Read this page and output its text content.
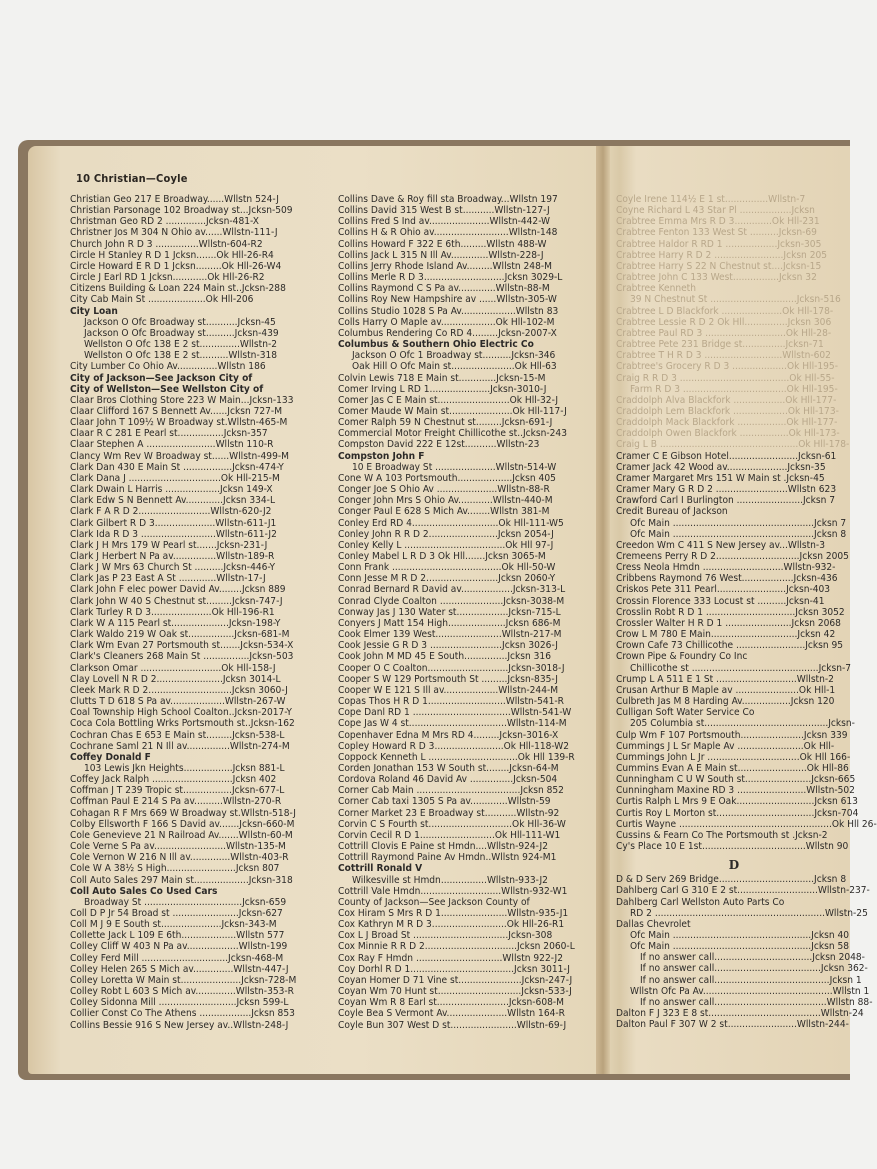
10 Christian—Coyle
Christian Geo 217 E Broadway......Wllstn 524-J
Christian Parsonage 102 Broadway st...Jcksn-509
Christman Geo RD 2 ..............Jcksn-481-X
Christner Jos M 304 N Ohio av......Wllstn-111-J
Church John R D 3 ...............Wllstn-604-R2
Circle H Stanley R D 1 Jcksn.......Ok Hll-26-R4
Circle Howard E R D 1 Jcksn.........Ok Hll-26-W4
Circle J Earl RD 1 Jcksn............Ok Hll-26-R2
Citizens Building & Loan 224 Main st..Jcksn-288
City Cab Main St ....................Ok Hll-206
City Loan
Jackson O Ofc Broadway st...........Jcksn-45
Jackson O Ofc Broadway st..........Jcksn-439
Wellston O Ofc 138 E 2 st..............Wllstn-2
Wellston O Ofc 138 E 2 st..........Wllstn-318
City Lumber Co Ohio Av..............Wllstn 186
City of Jackson—See Jackson City of
City of Wellston—See Wellston City of
Claar Bros Clothing Store 223 W Main...Jcksn-133
Claar Clifford 167 S Bennett Av......Jcksn 727-M
Claar John T 109½ W Broadway st.Wllstn-465-M
Claar R C 281 E Pearl st................Jcksn-357
Claar Stephen A ........................Wllstn 110-R
Clancy Wm Rev W Broadway st......Wllstn-499-M
Clark Dan 430 E Main St .................Jcksn-474-Y
Clark Dana J ................................Ok Hll-215-M
Clark Dwain L Harris ...................Jcksn 149-X
Clark Edw S N Bennett Av.............Jcksn 334-L
Clark F A R D 2.........................Wllstn-620-J2
Clark Gilbert R D 3.....................Wllstn-611-J1
Clark Ida R D 3 ..........................Wllstn-611-J2
Clark J H Mrs 179 W Pearl st.......Jcksn-231-J
Clark J Herbert N Pa av...............Wllstn-189-R
Clark J W Mrs 63 Church St ..........Jcksn-446-Y
Clark Jas P 23 East A St .............Wllstn-17-J
Clark John F elec power David Av........Jcksn 889
Clark John W 40 S Chestnut st.........Jcksn-747-J
Clark Turley R D 3.....................Ok Hll-196-R1
Clark W A 115 Pearl st....................Jcksn-198-Y
Clark Waldo 219 W Oak st................Jcksn-681-M
Clark Wm Evan 27 Portsmouth st.......Jcksn-534-X
Clark's Cleaners 268 Main St ................Jcksn-503
Clarkson Omar ............................Ok Hll-158-J
Clay Lovell N R D 2.......................Jcksn 3014-L
Cleek Mark R D 2.............................Jcksn 3060-J
Clutts T D 618 S Pa av...................Wllstn-267-W
Coal Township High School Coalton..Jcksn-2017-Y
Coca Cola Bottling Wrks Portsmouth st..Jcksn-162
Cochran Chas E 653 E Main st.........Jcksn-538-L
Cochrane Saml 21 N Ill av...............Wllstn-274-M
Coffey Donald F
103 Lewis Jkn Heights.................Jcksn 881-L
Coffey Jack Ralph ............................Jcksn 402
Coffman J T 239 Tropic st.................Jcksn-677-L
Coffman Paul E 214 S Pa av..........Wllstn-270-R
Cohagan R F Mrs 669 W Broadway st.Wllstn-518-J
Colby Ellsworth F 166 S David av.......Jcksn-660-M
Cole Genevieve 21 N Railroad Av.......Wllstn-60-M
Cole Verne S Pa av.........................Wllstn-135-M
Cole Vernon W 216 N Ill av..............Wllstn-403-R
Cole W A 38½ S High........................Jcksn 807
Coll Auto Sales 297 Main st...................Jcksn-318
Coll Auto Sales Co Used Cars
Broadway St ..................................Jcksn-659
Coll D P Jr 54 Broad st .......................Jcksn-627
Coll M J 9 E South st.....................Jcksn-343-M
Collette Jack L 109 E 6th...................Wllstn 577
Colley Cliff W 403 N Pa av..................Wllstn-199
Colley Ferd Mill ..............................Jcksn-468-M
Colley Helen 265 S Mich av..............Wllstn-447-J
Colley Loretta W Main st.....................Jcksn-728-M
Colley Robt L 603 S Mich av..............Wllstn-353-R
Colley Sidonna Mill ...........................Jcksn 599-L
Collier Const Co The Athens ..................Jcksn 853
Collins Bessie 916 S New Jersey av..Wllstn-248-J
Collins Dave & Roy fill sta Broadway...Wllstn 197
Collins David 315 West B st...........Wllstn-127-J
Collins Fred S Ind av.....................Wllstn-442-W
Collins H & R Ohio av..........................Wllstn-148
Collins Howard F 322 E 6th.........Wllstn 488-W
Collins Jack L 315 N Ill Av.............Wllstn-228-J
Collins Jerry Rhode Island Av.........Wllstn 248-M
Collins Merle R D 3............................Jcksn 3029-L
Collins Raymond C S Pa av.............Wllstn-88-M
Collins Roy New Hampshire av ......Wllstn-305-W
Collins Studio 1028 S Pa Av...................Wllstn 83
Colls Harry O Maple av...................Ok Hll-102-M
Columbus Rendering Co RD 4.........Jcksn-2007-X
Columbus & Southern Ohio Electric Co
Jackson O Ofc 1 Broadway st..........Jcksn-346
Oak Hill O Ofc Main st......................Ok Hll-63
Colvin Lewis 718 E Main st.............Jcksn-15-M
Comer Irving L RD 1.....................Jcksn-3010-J
Comer Jas C E Main st.........................Ok Hll-32-J
Comer Maude W Main st......................Ok Hll-117-J
Comer Ralph 59 N Chestnut st.........Jcksn-691-J
Commercial Motor Freight Chillicothe st..Jcksn-243
Compston David 222 E 12st...........Wllstn-23
Compston John F
10 E Broadway St .....................Wllstn-514-W
Cone W A 103 Portsmouth...................Jcksn 405
Conger Joe S Ohio Av .....................Wllstn-88-R
Conger John Mrs S Ohio Av............Wllstn-440-M
Conger Paul E 628 S Mich Av........Wllstn 381-M
Conley Erd RD 4..............................Ok Hll-111-W5
Conley John R R D 2........................Jcksn 2054-J
Conley Kelly L ...................................Ok Hll 97-J
Conley Mabel L R D 3 Ok Hll.......Jcksn 3065-M
Conn Frank ......................................Ok Hll-50-W
Conn Jesse M R D 2.........................Jcksn 2060-Y
Conrad Bernard R David av..................Jcksn-313-L
Conrad Clyde Coalton ......................Jcksn-3038-M
Conway Jas J 130 Water st..................Jcksn-715-L
Conyers J Matt 154 High....................Jcksn 686-M
Cook Elmer 139 West.......................Wllstn-217-M
Cook Jessie G R D 3 .........................Jcksn 3026-J
Cook John M MD 45 E South...............Jcksn 316
Cooper O C Coalton............................Jcksn-3018-J
Cooper S W 129 Portsmouth St .........Jcksn-835-J
Cooper W E 121 S Ill av...................Wllstn-244-M
Copas Thos H R D 1...........................Wllstn-541-R
Cope Danl RD 1 ..................................Wllstn-541-W
Cope Jas W 4 st..................................Wllstn-114-M
Copenhaver Edna M Mrs RD 4.........Jcksn-3016-X
Copley Howard R D 3........................Ok Hll-118-W2
Coppock Kenneth L ...............................Ok Hll 139-R
Corden Jonathan 153 W South st........Jcksn-64-M
Cordova Roland 46 David Av ...............Jcksn-504
Corner Cab Main ....................................Jcksn 852
Corner Cab taxi 1305 S Pa av.............Wllstn-59
Corner Market 23 E Broadway st...........Wllstn-92
Corvin C S Fourth st.............................Ok Hll-36-W
Corvin Cecil R D 1..........................Ok Hll-111-W1
Cottrill Clovis E Paine st Hmdn....Wllstn-924-J2
Cottrill Raymond Paine Av Hmdn..Wllstn 924-M1
Cottrill Ronald V
Wilkesville st Hmdn................Wllstn-933-J2
Cottrill Vale Hmdn............................Wllstn-932-W1
County of Jackson—See Jackson County of
Cox Hiram S Mrs R D 1.......................Wllstn-935-J1
Cox Kathryn M R D 3..........................Ok Hll-26-R1
Cox L J Broad St .................................Jcksn-308
Cox Minnie R R D 2................................Jcksn 2060-L
Cox Ray F Hmdn ..............................Wllstn 922-J2
Coy Dorhl R D 1....................................Jcksn 3011-J
Coyan Homer D 71 Vine st......................Jcksn-247-J
Coyan Wm 70 Hunt st.............................Jcksn-533-J
Coyan Wm R 8 Earl st.........................Jcksn-608-M
Coyle Bea S Vermont Av.....................Wllstn 164-R
Coyle Bun 307 West D st.......................Wllstn-69-J
Coyle Irene 114½ E 1 st...............Wllstn-7
Coyne Richard L 43 Star Pl ..................Jcksn
Crabtree Emma Mrs R D 3.............Ok Hll-231
Crabtree Fenton 133 West St ..........Jcksn-69
Crabtree Haldor R RD 1 ..................Jcksn-305
Crabtree Harry R D 2 ........................Jcksn 205
Crabtree Harry S 22 N Chestnut st....Jcksn-15
Crabtree John C 133 West................Jcksn 32
Crabtree Kenneth
39 N Chestnut St ..............................Jcksn-516
Crabtree L D Blackfork .....................Ok Hll-178-
Crabtree Lessie R D 2 Ok Hll...............Jcksn 306
Crabtree Paul RD 3 ............................Ok Hll-28-
Crabtree Pete 231 Bridge st...............Jcksn-71
Crabtree T H R D 3 ...........................Wllstn-602
Crabtree's Grocery R D 3 ...................Ok Hll-195-
Craig R R D 3 ......................................Ok Hll-55-
Farm R D 3 ....................................Ok Hll-195-
Craddolph Alva Blackfork ..................Ok Hll-177-
Craddolph Lem Blackfork ...................Ok Hll-173-
Craddolph Mack Blackfork .................Ok Hll-177-
Craddolph Owen Blackfork .................Ok Hll-173-
Craig L B ................................................Ok Hll-178-
Cramer C E Gibson Hotel........................Jcksn-61
Cramer Jack 42 Wood av.....................Jcksn-35
Cramer Margaret Mrs 151 W Main st .Jcksn-45
Cramer Mary G R D 2 .........................Wllstn 623
Crawford Carl I Burlington .......................Jcksn 7
Credit Bureau of Jackson
Ofc Main .................................................Jcksn 7
Ofc Main .................................................Jcksn 8
Creedon Wm C 411 S New Jersey av...Wllstn-3
Cremeens Perry R D 2.............................Jcksn 2005
Cress Neola Hmdn ............................Wllstn-932-
Cribbens Raymond 76 West..................Jcksn-436
Criskos Pete 311 Pearl........................Jcksn-403
Crossin Florence 333 Locust st ..........Jcksn-41
Crosslin Robt R D 1 ...............................Jcksn 3052
Crossler Walter H R D 1 .......................Jcksn 2068
Crow L M 780 E Main..............................Jcksn 42
Crown Cafe 73 Chillicothe ........................Jcksn 95
Crown Pipe & Foundry Co Inc
Chillicothe st ............................................Jcksn-7
Crump L A 511 E 1 St ............................Wllstn-2
Crusan Arthur B Maple av ......................Ok Hll-1
Culbreth Jas M 8 Harding Av.................Jcksn 120
Culligan Soft Water Service Co
205 Columbia st...........................................Jcksn-
Culp Wm F 107 Portsmouth......................Jcksn 339
Cummings J L Sr Maple Av .......................Ok Hll-
Cummings John L Jr ................................Ok Hll 166-
Cummins Evan A E Main st........................Ok Hll-86
Cunningham C U W South st.......................Jcksn-665
Cunningham Maxine RD 3 ........................Wllstn-502
Curtis Ralph L Mrs 9 E Oak...........................Jcksn 613
Curtis Roy L Morton st..................................Jcksn-704
Curtis Wayne .....................................................Ok Hll 26-
Cussins & Fearn Co The Portsmouth st .Jcksn-2
Cy's Place 10 E 1st....................................Wllstn 90
D
D & D Serv 269 Bridge.................................Jcksn 8
Dahlberg Carl G 310 E 2 st............................Wllstn-237-
Dahlberg Carl Wellston Auto Parts Co
RD 2 ...........................................................Wllstn-25
Dallas Chevrolet
Ofc Main ................................................Jcksn 40
Ofc Main ................................................Jcksn 58
If no answer call..................................Jcksn 2048-
If no answer call.....................................Jcksn 362-
If no answer call........................................Jcksn 1
Wllstn Ofc Pa Av.............................................Wllstn 1
If no answer call.......................................Wllstn 88-
Dalton F J 323 E 8 st.......................................Wllstn-24
Dalton Paul F 307 W 2 st........................Wllstn-244-
